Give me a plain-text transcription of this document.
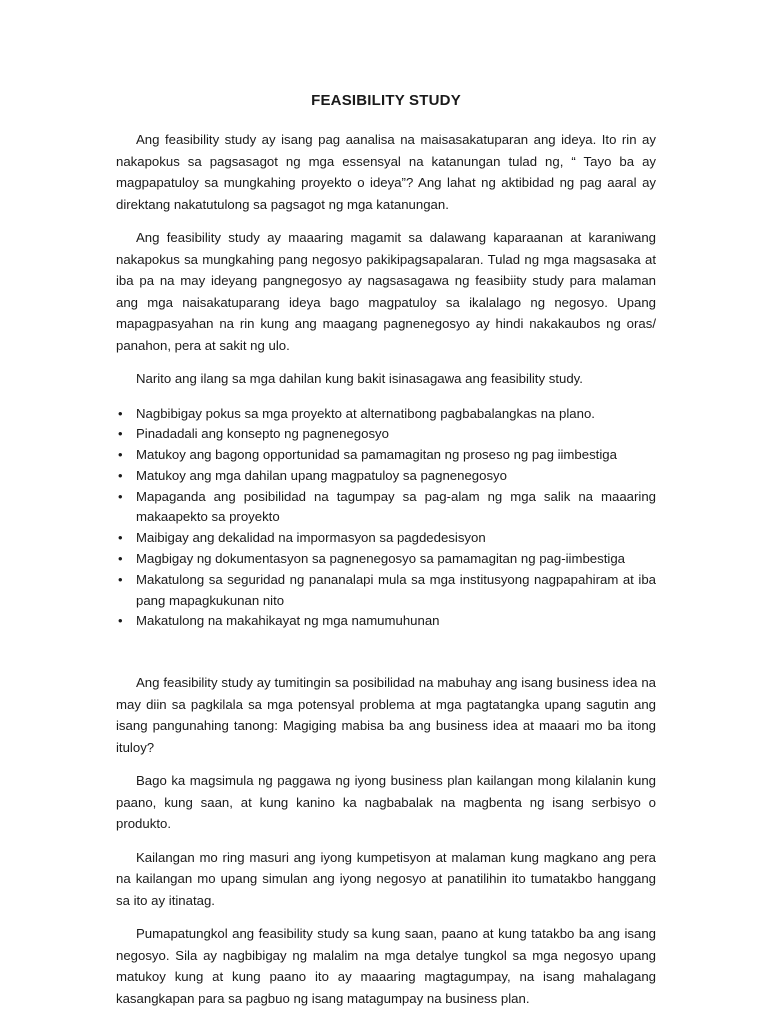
FEASIBILITY STUDY

Ang feasibility study ay isang pag aanalisa na maisasakatuparan ang ideya. Ito rin ay nakapokus sa pagsasagot ng mga essensyal na katanungan tulad ng, “ Tayo ba ay magpapatuloy sa mungkahing proyekto o ideya”? Ang lahat ng aktibidad ng pag aaral ay direktang nakatutulong sa pagsagot ng mga katanungan.

Ang feasibility study ay maaaring magamit sa dalawang kaparaanan at karaniwang nakapokus sa mungkahing pang negosyo pakikipagsapalaran. Tulad ng mga magsasaka at iba pa na may ideyang pangnegosyo ay nagsasagawa ng feasibiity study para malaman ang mga naisakatuparang ideya bago magpatuloy sa ikalalago ng negosyo. Upang mapagpasyahan na rin kung ang maagang pagnenegosyo ay hindi nakakaubos ng oras/ panahon, pera at sakit ng ulo.

Narito ang ilang sa mga dahilan kung bakit isinasagawa ang feasibility study.

• Nagbibigay pokus sa mga proyekto at alternatibong pagbabalangkas na plano.
• Pinadadali ang konsepto ng pagnenegosyo
• Matukoy ang bagong opportunidad sa pamamagitan ng proseso ng pag iimbestiga
• Matukoy ang mga dahilan upang magpatuloy sa pagnenegosyo
• Mapaganda ang posibilidad na tagumpay sa pag-alam ng mga salik na maaaring makaapekto sa proyekto
• Maibigay ang dekalidad na impormasyon sa pagdedesisyon
• Magbigay ng dokumentasyon sa pagnenegosyo sa pamamagitan ng pag-iimbestiga
• Makatulong sa seguridad ng pananalapi mula sa mga institusyong nagpapahiram at iba pang mapagkukunan nito
• Makatulong na makahikayat ng mga namumuhunan

Ang feasibility study ay tumitingin sa posibilidad na mabuhay ang isang business idea na may diin sa pagkilala sa mga potensyal problema at mga pagtatangka upang sagutin ang isang pangunahing tanong: Magiging mabisa ba ang business idea at maaari mo ba itong ituloy?

Bago ka magsimula ng paggawa ng iyong business plan kailangan mong kilalanin kung paano, kung saan, at kung kanino ka nagbabalak na magbenta ng isang serbisyo o produkto.

Kailangan mo ring masuri ang iyong kumpetisyon at malaman kung magkano ang pera na kailangan mo upang simulan ang iyong negosyo at panatilihin ito tumatakbo hanggang sa ito ay itinatag.

Pumapatungkol ang feasibility study sa kung saan, paano at kung tatakbo ba ang isang negosyo. Sila ay nagbibigay ng malalim na mga detalye tungkol sa mga negosyo upang matukoy kung at kung paano ito ay maaaring magtagumpay, na isang mahalagang kasangkapan para sa pagbuo ng isang matagumpay na business plan.
